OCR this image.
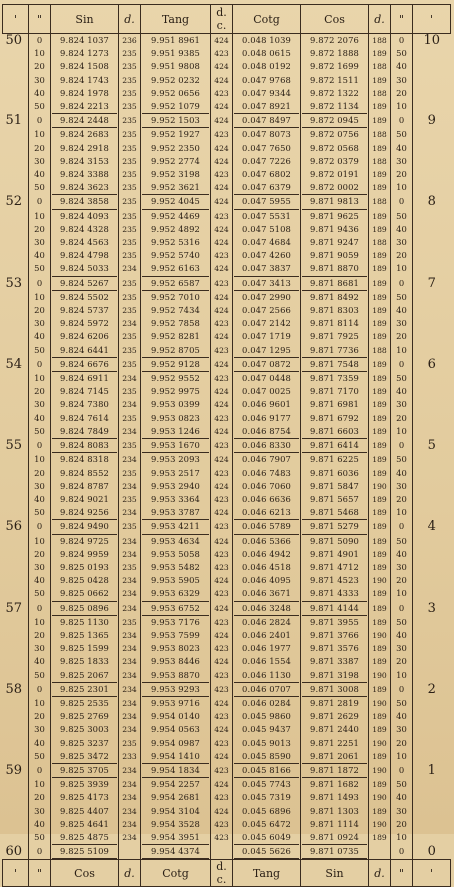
'	"	Sin	d.	Tang	d. c.	Cotg	Cos	d.	"	'
50	0	9.824 1037	236	9.951 8961	424	0.048 1039	9.872 2076	188	0	10
	10	9.824 1273	235	9.951 9385	423	0.048 0615	9.872 1888	189	50	
	20	9.824 1508	235	9.951 9808	424	0.048 0192	9.872 1699	188	40	
	30	9.824 1743	235	9.952 0232	424	0.047 9768	9.872 1511	189	30	
	40	9.824 1978	235	9.952 0656	423	0.047 9344	9.872 1322	188	20	
	50	9.824 2213	235	9.952 1079	424	0.047 8921	9.872 1134	189	10	
51	0	9.824 2448	235	9.952 1503	424	0.047 8497	9.872 0945	189	0	9
	10	9.824 2683	235	9.952 1927	423	0.047 8073	9.872 0756	188	50	
	20	9.824 2918	235	9.952 2350	424	0.047 7650	9.872 0568	189	40	
	30	9.824 3153	235	9.952 2774	424	0.047 7226	9.872 0379	188	30	
	40	9.824 3388	235	9.952 3198	423	0.047 6802	9.872 0191	189	20	
	50	9.824 3623	235	9.952 3621	424	0.047 6379	9.872 0002	189	10	
52	0	9.824 3858	235	9.952 4045	424	0.047 5955	9.871 9813	188	0	8
	10	9.824 4093	235	9.952 4469	423	0.047 5531	9.871 9625	189	50	
	20	9.824 4328	235	9.952 4892	424	0.047 5108	9.871 9436	189	40	
	30	9.824 4563	235	9.952 5316	424	0.047 4684	9.871 9247	188	30	
	40	9.824 4798	235	9.952 5740	423	0.047 4260	9.871 9059	189	20	
	50	9.824 5033	234	9.952 6163	424	0.047 3837	9.871 8870	189	10	
53	0	9.824 5267	235	9.952 6587	423	0.047 3413	9.871 8681	189	0	7
	10	9.824 5502	235	9.952 7010	424	0.047 2990	9.871 8492	189	50	
	20	9.824 5737	235	9.952 7434	424	0.047 2566	9.871 8303	189	40	
	30	9.824 5972	234	9.952 7858	423	0.047 2142	9.871 8114	189	30	
	40	9.824 6206	235	9.952 8281	424	0.047 1719	9.871 7925	189	20	
	50	9.824 6441	235	9.952 8705	423	0.047 1295	9.871 7736	188	10	
54	0	9.824 6676	235	9.952 9128	424	0.047 0872	9.871 7548	189	0	6
	10	9.824 6911	234	9.952 9552	423	0.047 0448	9.871 7359	189	50	
	20	9.824 7145	235	9.952 9975	424	0.047 0025	9.871 7170	189	40	
	30	9.824 7380	234	9.953 0399	424	0.046 9601	9.871 6981	189	30	
	40	9.824 7614	235	9.953 0823	423	0.046 9177	9.871 6792	189	20	
	50	9.824 7849	234	9.953 1246	424	0.046 8754	9.871 6603	189	10	
55	0	9.824 8083	235	9.953 1670	423	0.046 8330	9.871 6414	189	0	5
	10	9.824 8318	234	9.953 2093	424	0.046 7907	9.871 6225	189	50	
	20	9.824 8552	235	9.953 2517	423	0.046 7483	9.871 6036	189	40	
	30	9.824 8787	234	9.953 2940	424	0.046 7060	9.871 5847	190	30	
	40	9.824 9021	235	9.953 3364	423	0.046 6636	9.871 5657	189	20	
	50	9.824 9256	234	9.953 3787	424	0.046 6213	9.871 5468	189	10	
56	0	9.824 9490	235	9.953 4211	423	0.046 5789	9.871 5279	189	0	4
	10	9.824 9725	234	9.953 4634	424	0.046 5366	9.871 5090	189	50	
	20	9.824 9959	234	9.953 5058	423	0.046 4942	9.871 4901	189	40	
	30	9.825 0193	235	9.953 5482	423	0.046 4518	9.871 4712	189	30	
	40	9.825 0428	234	9.953 5905	424	0.046 4095	9.871 4523	190	20	
	50	9.825 0662	234	9.953 6329	423	0.046 3671	9.871 4333	189	10	
57	0	9.825 0896	234	9.953 6752	424	0.046 3248	9.871 4144	189	0	3
	10	9.825 1130	235	9.953 7176	423	0.046 2824	9.871 3955	189	50	
	20	9.825 1365	234	9.953 7599	424	0.046 2401	9.871 3766	190	40	
	30	9.825 1599	234	9.953 8023	423	0.046 1977	9.871 3576	189	30	
	40	9.825 1833	234	9.953 8446	424	0.046 1554	9.871 3387	189	20	
	50	9.825 2067	234	9.953 8870	423	0.046 1130	9.871 3198	190	10	
58	0	9.825 2301	234	9.953 9293	423	0.046 0707	9.871 3008	189	0	2
	10	9.825 2535	234	9.953 9716	424	0.046 0284	9.871 2819	190	50	
	20	9.825 2769	234	9.954 0140	423	0.045 9860	9.871 2629	189	40	
	30	9.825 3003	234	9.954 0563	424	0.045 9437	9.871 2440	189	30	
	40	9.825 3237	235	9.954 0987	423	0.045 9013	9.871 2251	190	20	
	50	9.825 3472	233	9.954 1410	424	0.045 8590	9.871 2061	189	10	
59	0	9.825 3705	234	9.954 1834	423	0.045 8166	9.871 1872	190	0	1
	10	9.825 3939	234	9.954 2257	424	0.045 7743	9.871 1682	189	50	
	20	9.825 4173	234	9.954 2681	423	0.045 7319	9.871 1493	190	40	
	30	9.825 4407	234	9.954 3104	424	0.045 6896	9.871 1303	189	30	
	40	9.825 4641	234	9.954 3528	423	0.045 6472	9.871 1114	190	20	
	50	9.825 4875	234	9.954 3951	423	0.045 6049	9.871 0924	189	10	
60	0	9.825 5109		9.954 4374		0.045 5626	9.871 0735		0	0
'	"	Cos	d.	Cotg	d. c.	Tang	Sin	d.	"	'
